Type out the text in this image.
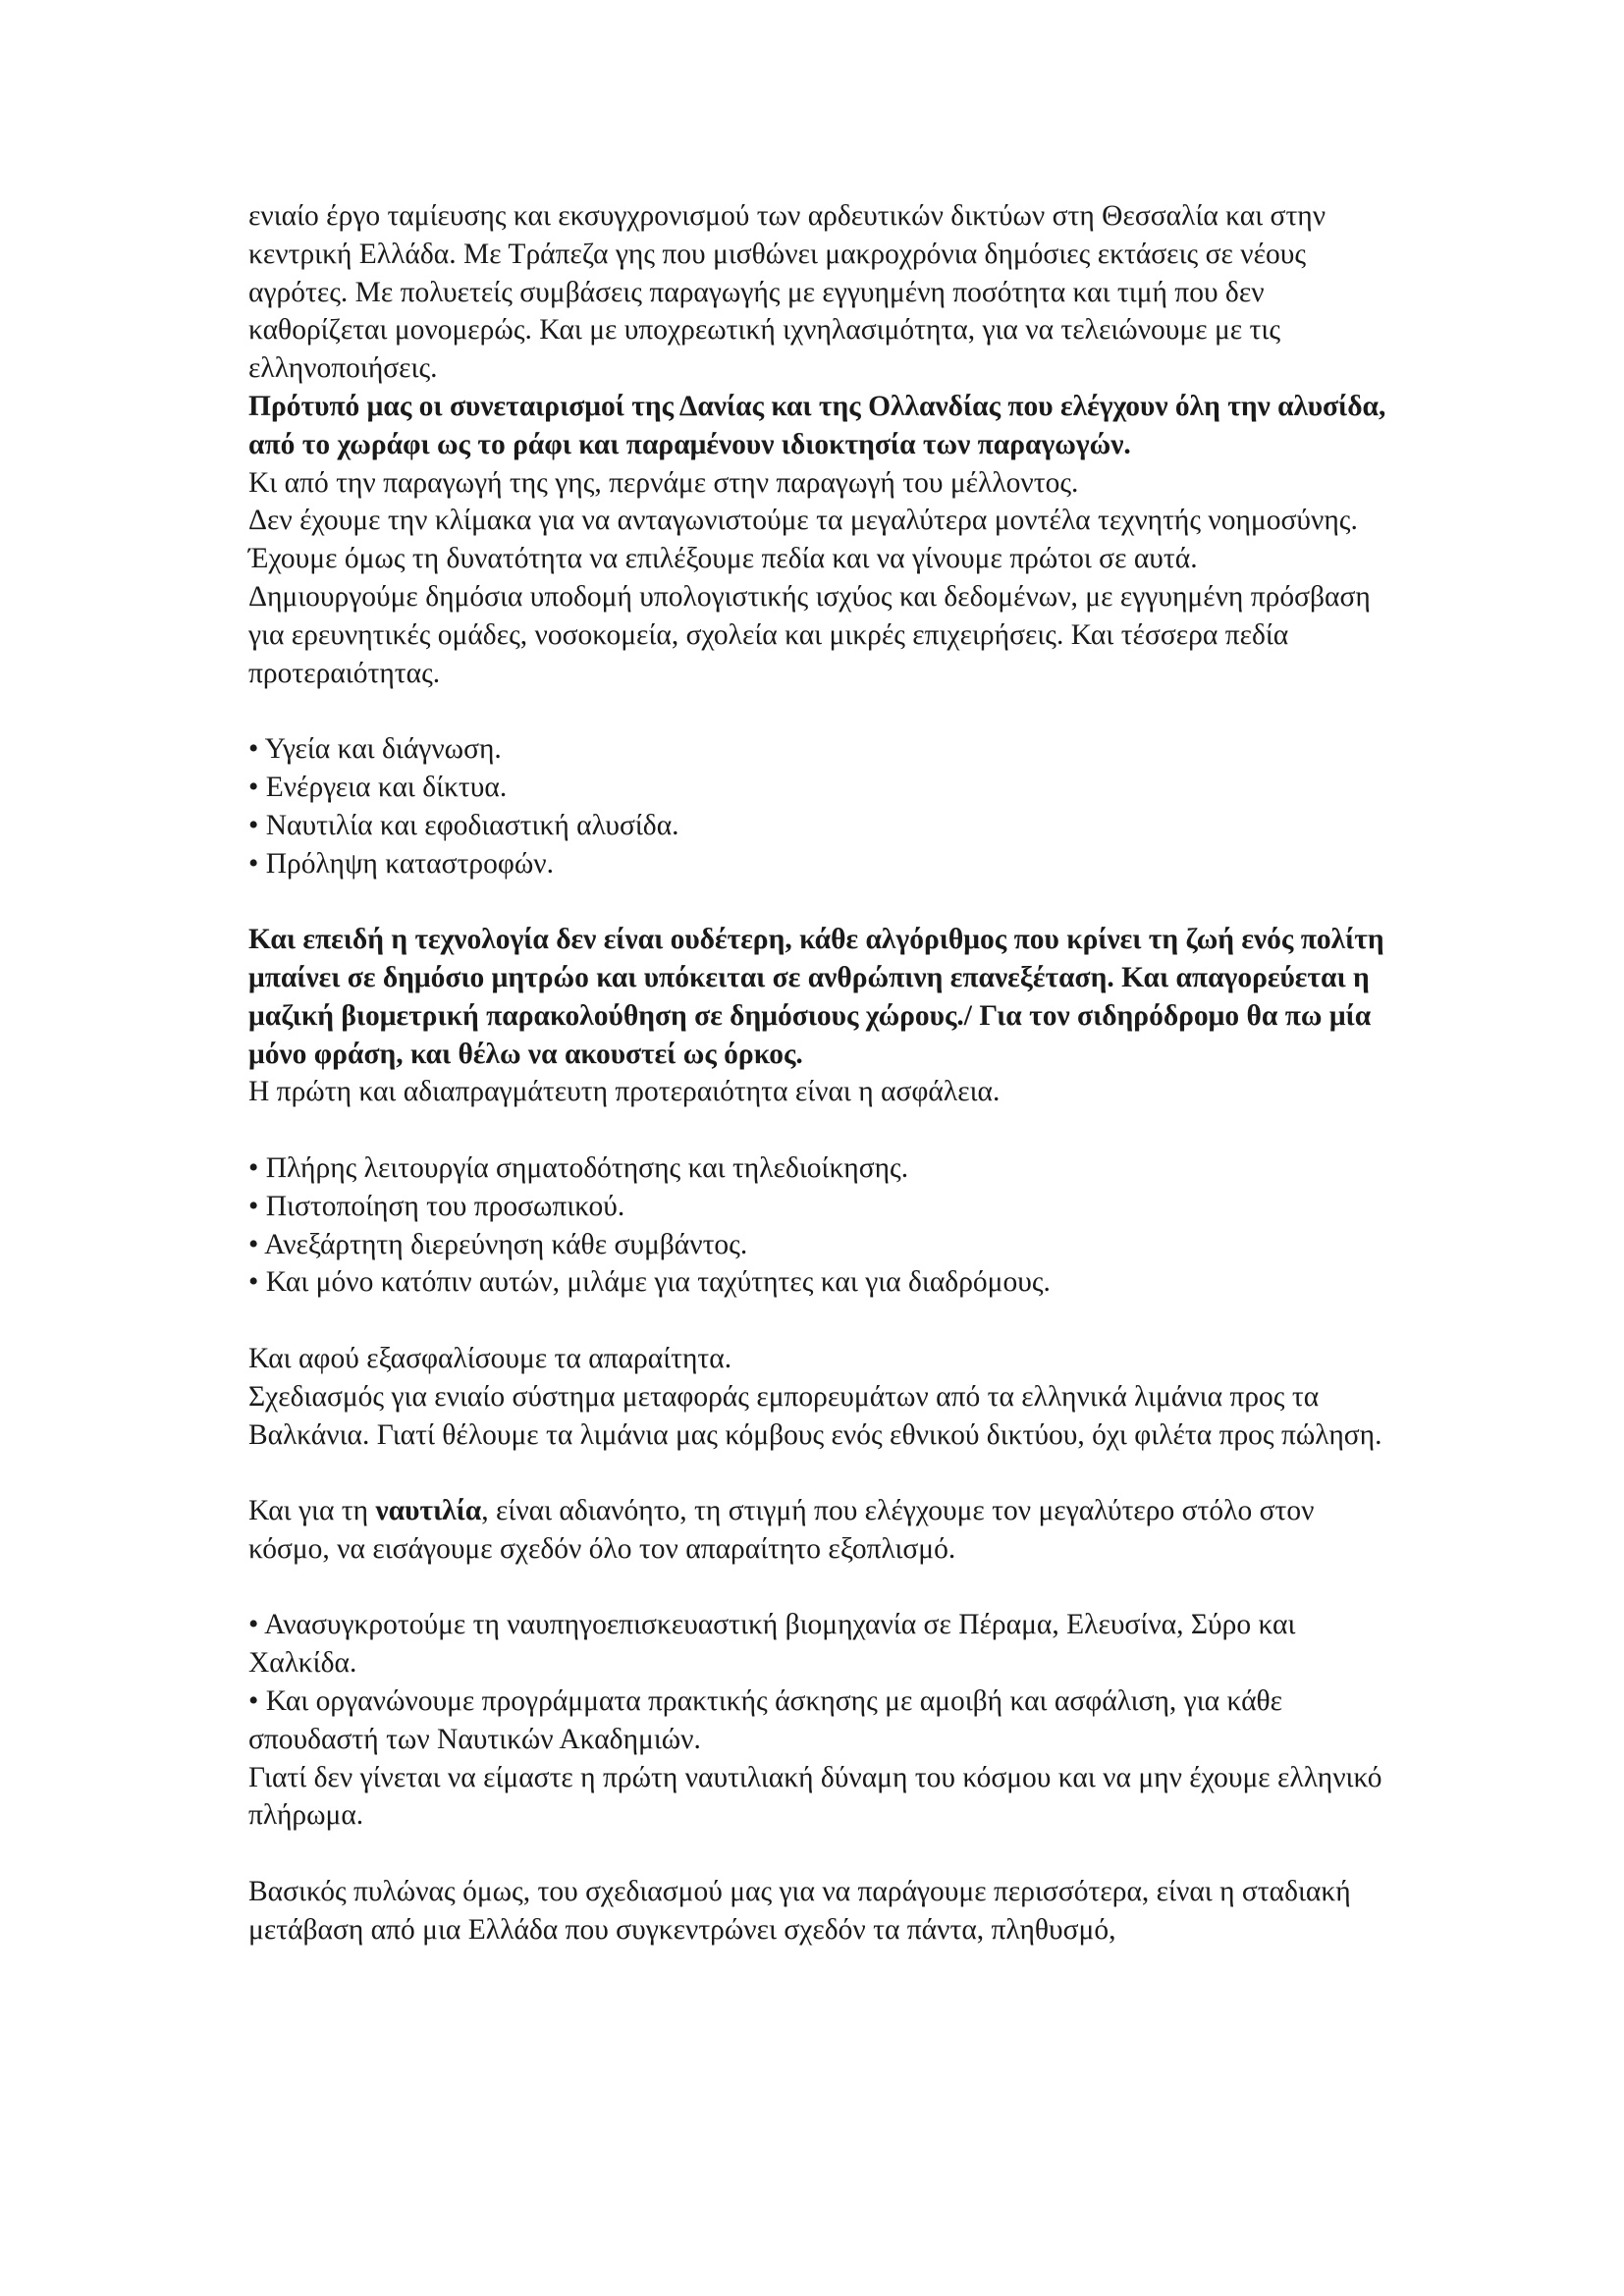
ενιαίο έργο ταμίευσης και εκσυγχρονισμού των αρδευτικών δικτύων στη Θεσσαλία και στην κεντρική Ελλάδα. Με Τράπεζα γης που μισθώνει μακροχρόνια δημόσιες εκτάσεις σε νέους αγρότες. Με πολυετείς συμβάσεις παραγωγής με εγγυημένη ποσότητα και τιμή που δεν καθορίζεται μονομερώς. Και με υποχρεωτική ιχνηλασιμότητα, για να τελειώνουμε με τις ελληνοποιήσεις.

Πρότυπό μας οι συνεταιρισμοί της Δανίας και της Ολλανδίας που ελέγχουν όλη την αλυσίδα, από το χωράφι ως το ράφι και παραμένουν ιδιοκτησία των παραγωγών.

Κι από την παραγωγή της γης, περνάμε στην παραγωγή του μέλλοντος.

Δεν έχουμε την κλίμακα για να ανταγωνιστούμε τα μεγαλύτερα μοντέλα τεχνητής νοημοσύνης. Έχουμε όμως τη δυνατότητα να επιλέξουμε πεδία και να γίνουμε πρώτοι σε αυτά.

Δημιουργούμε δημόσια υποδομή υπολογιστικής ισχύος και δεδομένων, με εγγυημένη πρόσβαση για ερευνητικές ομάδες, νοσοκομεία, σχολεία και μικρές επιχειρήσεις. Και τέσσερα πεδία προτεραιότητας.

• Υγεία και διάγνωση.

• Ενέργεια και δίκτυα.

• Ναυτιλία και εφοδιαστική αλυσίδα.

• Πρόληψη καταστροφών.

Και επειδή η τεχνολογία δεν είναι ουδέτερη, κάθε αλγόριθμος που κρίνει τη ζωή ενός πολίτη μπαίνει σε δημόσιο μητρώο και υπόκειται σε ανθρώπινη επανεξέταση. Και απαγορεύεται η μαζική βιομετρική παρακολούθηση σε δημόσιους χώρους./ Για τον σιδηρόδρομο θα πω μία μόνο φράση, και θέλω να ακουστεί ως όρκος.

Η πρώτη και αδιαπραγμάτευτη προτεραιότητα είναι η ασφάλεια.

• Πλήρης λειτουργία σηματοδότησης και τηλεδιοίκησης.

• Πιστοποίηση του προσωπικού.

• Ανεξάρτητη διερεύνηση κάθε συμβάντος.

• Και μόνο κατόπιν αυτών, μιλάμε για ταχύτητες και για διαδρόμους.

Και αφού εξασφαλίσουμε τα απαραίτητα.

Σχεδιασμός για ενιαίο σύστημα μεταφοράς εμπορευμάτων από τα ελληνικά λιμάνια προς τα Βαλκάνια. Γιατί θέλουμε τα λιμάνια μας κόμβους ενός εθνικού δικτύου, όχι φιλέτα προς πώληση.

Και για τη ναυτιλία, είναι αδιανόητο, τη στιγμή που ελέγχουμε τον μεγαλύτερο στόλο στον κόσμο, να εισάγουμε σχεδόν όλο τον απαραίτητο εξοπλισμό.

• Ανασυγκροτούμε τη ναυπηγοεπισκευαστική βιομηχανία σε Πέραμα, Ελευσίνα, Σύρο και Χαλκίδα.

• Και οργανώνουμε προγράμματα πρακτικής άσκησης με αμοιβή και ασφάλιση, για κάθε σπουδαστή των Ναυτικών Ακαδημιών.

Γιατί δεν γίνεται να είμαστε η πρώτη ναυτιλιακή δύναμη του κόσμου και να μην έχουμε ελληνικό πλήρωμα.

Βασικός πυλώνας όμως, του σχεδιασμού μας για να παράγουμε περισσότερα, είναι η σταδιακή μετάβαση από μια Ελλάδα που συγκεντρώνει σχεδόν τα πάντα, πληθυσμό,
